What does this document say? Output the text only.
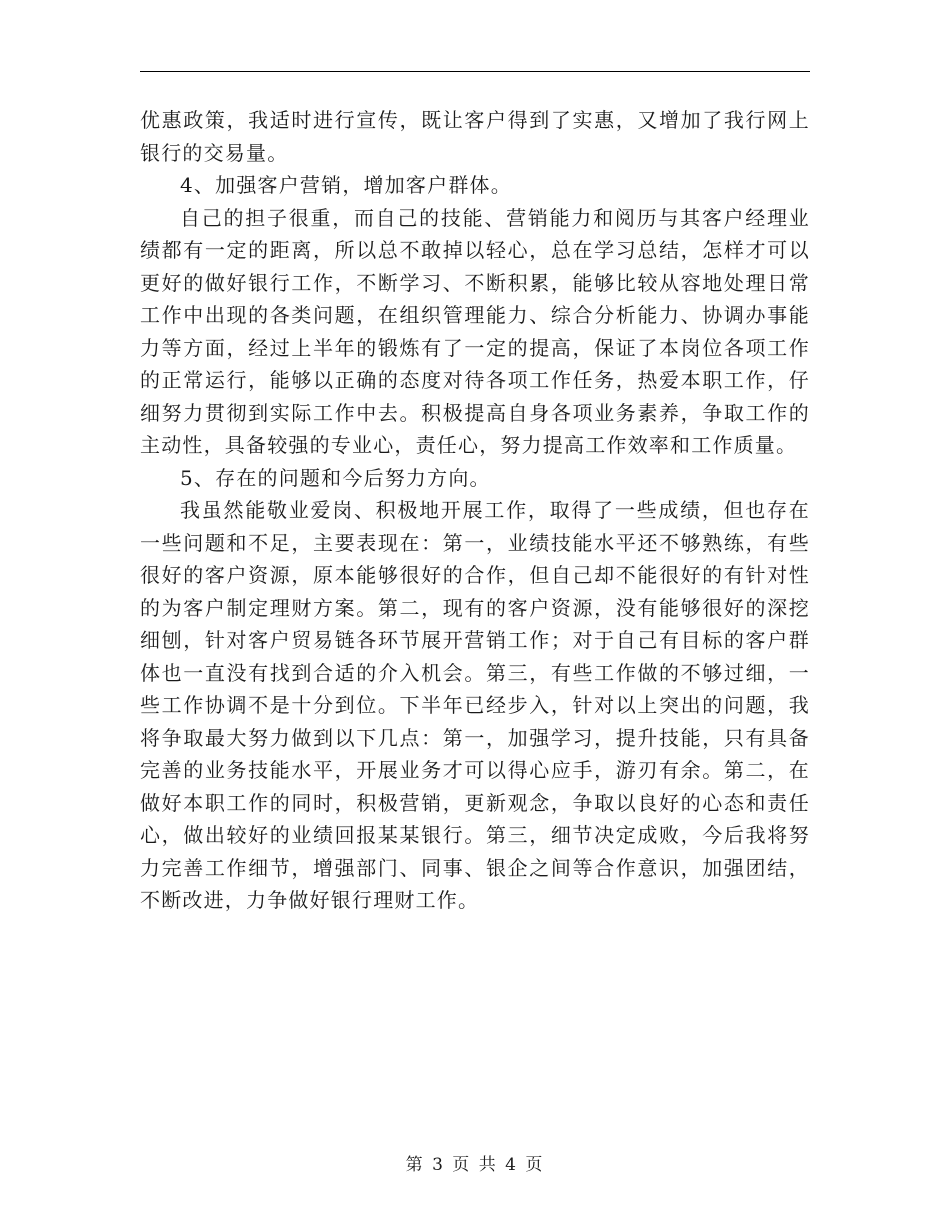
优惠政策，我适时进行宣传，既让客户得到了实惠，又增加了我行网上银行的交易量。

4、加强客户营销，增加客户群体。

自己的担子很重，而自己的技能、营销能力和阅历与其客户经理业绩都有一定的距离，所以总不敢掉以轻心，总在学习总结，怎样才可以更好的做好银行工作，不断学习、不断积累，能够比较从容地处理日常工作中出现的各类问题，在组织管理能力、综合分析能力、协调办事能力等方面，经过上半年的锻炼有了一定的提高，保证了本岗位各项工作的正常运行，能够以正确的态度对待各项工作任务，热爱本职工作，仔细努力贯彻到实际工作中去。积极提高自身各项业务素养，争取工作的主动性，具备较强的专业心，责任心，努力提高工作效率和工作质量。

5、存在的问题和今后努力方向。

我虽然能敬业爱岗、积极地开展工作，取得了一些成绩，但也存在一些问题和不足，主要表现在：第一，业绩技能水平还不够熟练，有些很好的客户资源，原本能够很好的合作，但自己却不能很好的有针对性的为客户制定理财方案。第二，现有的客户资源，没有能够很好的深挖细刨，针对客户贸易链各环节展开营销工作；对于自己有目标的客户群体也一直没有找到合适的介入机会。第三，有些工作做的不够过细，一些工作协调不是十分到位。下半年已经步入，针对以上突出的问题，我将争取最大努力做到以下几点：第一，加强学习，提升技能，只有具备完善的业务技能水平，开展业务才可以得心应手，游刃有余。第二，在做好本职工作的同时，积极营销，更新观念，争取以良好的心态和责任心，做出较好的业绩回报某某银行。第三，细节决定成败，今后我将努力完善工作细节，增强部门、同事、银企之间等合作意识，加强团结，不断改进，力争做好银行理财工作。

第 3 页 共 4 页
